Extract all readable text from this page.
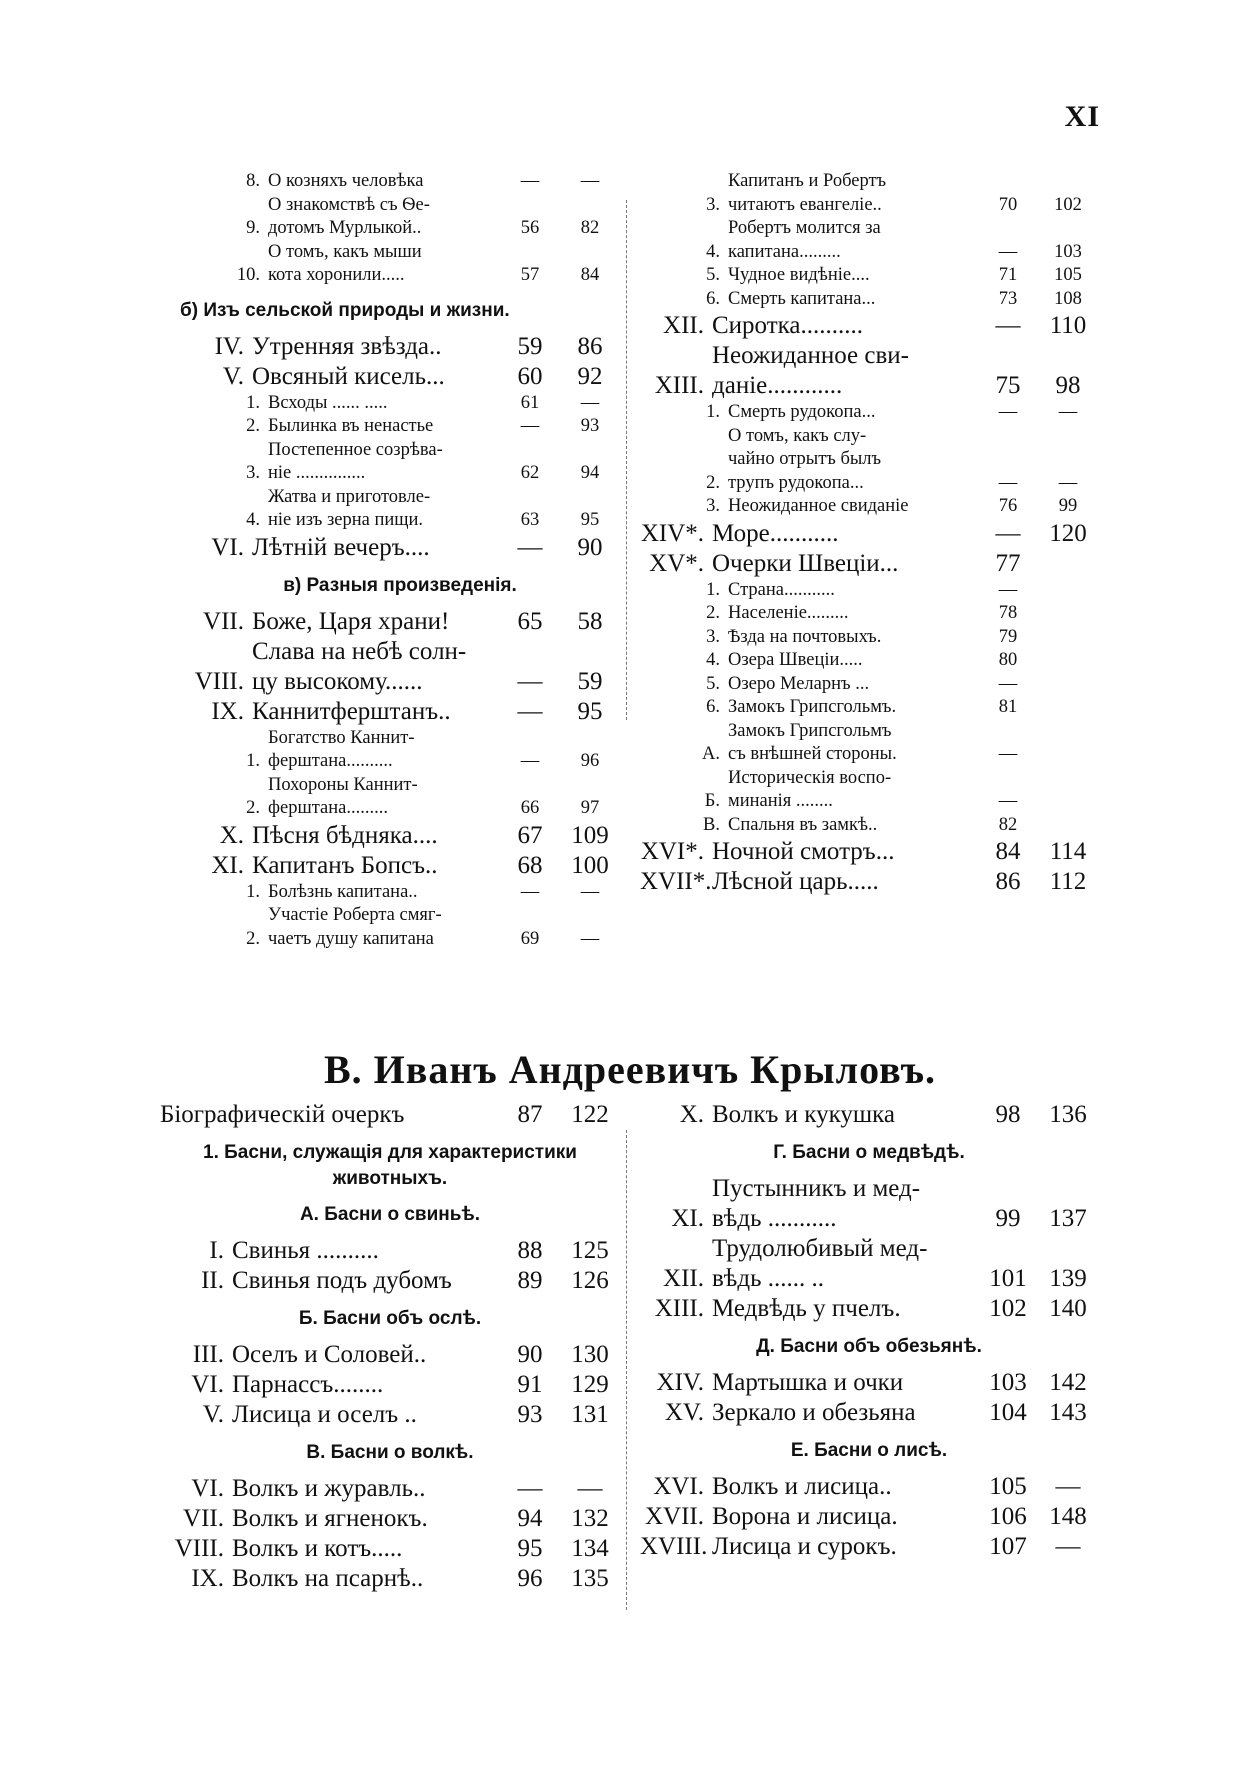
XI
8. О козняхъ человѣка	—	—
9.
О знакомствѣ съ Ѳе-
дотомъ Мурлыкой..	56	82
10.
О томъ, какъ мыши
кота хоронили.....	57	84
б) Изъ сельской природы и жизни.
IV. Утренняя звѣзда..	59	86
V. Овсяный кисель...	60	92
1. Всходы ...... .....	61	—
2. Былинка въ ненастье	—	93
3.
Постепенное созрѣва-
ніе ...............	62	94
4.
Жатва и приготовле-
ніе изъ зерна пищи.	63	95
VI. Лѣтній вечеръ....	—	90
в) Разныя произведенія.
VII. Боже, Царя храни!	65	58
VIII.
Слава на небѣ солн-
цу высокому......	—	59
IX. Каннитферштанъ..	—	95
1.
Богатство Каннит-
ферштана..........	—	96
2.
Похороны Каннит-
ферштана.........	66	97
X. Пѣсня бѣдняка....	67	109
XI. Капитанъ Бопсъ..	68	100
1. Болѣзнь капитана..	—	—
2.
Участіе Роберта смяг-
чаетъ душу капитана	69	—
3.
Капитанъ и Робертъ
читаютъ евангеліе..	70	102
4.
Робертъ молится за
капитана.........	—	103
5. Чудное видѣніе....	71	105
6. Смерть капитана...	73	108
XII. Сиротка..........	—	110
XIII.
Неожиданное сви-
даніе............	75	98
1. Смерть рудокопа...	—	—
2.
О томъ, какъ слу-
чайно отрытъ былъ
трупъ рудокопа...	—	—
3. Неожиданное свиданіе	76	99
XIV*. Море...........	—	120
XV*. Очерки Швеціи...	77
1. Страна...........	—
2. Населеніе.........	78
3. Ѣзда на почтовыхъ.	79
4. Озера Швеціи.....	80
5. Озеро Меларнъ ...	—
6. Замокъ Грипсгольмъ.	81
А.
Замокъ Грипсгольмъ
съ внѣшней стороны.	—
Б.
Историческія воспо-
минанія ........	—
В. Спальня въ замкѣ..	82
XVI*. Ночной смотръ...	84	114
XVII*. Лѣсной царь.....	86	112
В. Иванъ Андреевичъ Крыловъ.
Біографическій очеркъ	87	122
1. Басни, служащія для характеристики животныхъ.
А. Басни о свиньѣ.
I. Свинья ..........	88	125
II. Свинья подъ дубомъ	89	126
Б. Басни объ ослѣ.
III. Оселъ и Соловей..	90	130
VI. Парнассъ........	91	129
V. Лисица и оселъ ..	93	131
В. Басни о волкѣ.
VI. Волкъ и журавль..	—	—
VII. Волкъ и ягненокъ.	94	132
VIII. Волкъ и котъ.....	95	134
IX. Волкъ на псарнѣ..	96	135
X. Волкъ и кукушка	98	136
Г. Басни о медвѣдѣ.
XI.
Пустынникъ и мед-
вѣдь ...........	99	137
XII.
Трудолюбивый мед-
вѣдь ...... ..	101 139
XIII. Медвѣдь у пчелъ.	102 140
Д. Басни объ обезьянѣ.
XIV. Мартышка и очки	103 142
XV. Зеркало и обезьяна	104 143
Е. Басни о лисѣ.
XVI. Волкъ и лисица..	105	—
XVII. Ворона и лисица.	106 148
XVIII. Лисица и сурокъ.	107	—
